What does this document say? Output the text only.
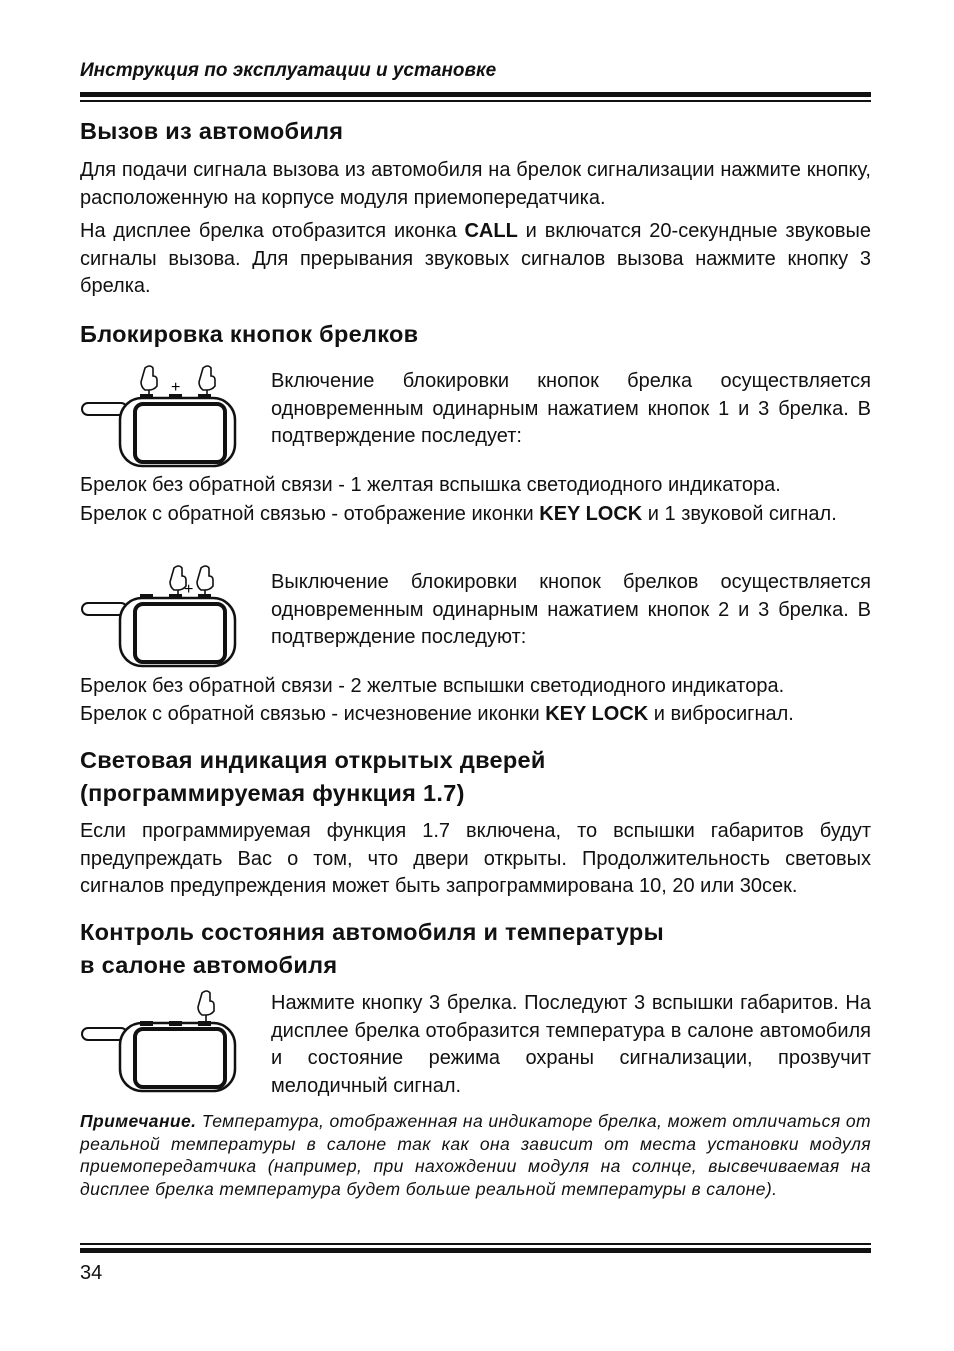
Инструкция по эксплуатации и установке
Вызов из автомобиля
Для подачи сигнала вызова из автомобиля на брелок сигнализации нажмите кнопку, расположенную на корпусе модуля приемопередатчика.
На дисплее брелка отобразится иконка CALL и включатся 20-секундные звуковые сигналы вызова. Для прерывания звуковых сигналов вызова нажмите кнопку 3 брелка.
Блокировка кнопок брелков
+	Включение блокировки кнопок брелка осуществляется одновременным одинарным нажатием кнопок 1 и 3 брелка. В подтверждение последует:
Брелок без обратной связи - 1 желтая вспышка светодиодного индикатора.
Брелок с обратной связью - отображение иконки KEY LOCK и 1 звуковой сигнал.
+	Выключение блокировки кнопок брелков осуществляется одновременным одинарным нажатием кнопок 2 и 3 брелка. В подтверждение последуют:
Брелок без обратной связи - 2 желтые вспышки светодиодного индикатора.
Брелок с обратной связью - исчезновение иконки KEY LOCK и вибросигнал.
Световая индикация открытых дверей
(программируемая функция 1.7)
Если программируемая функция 1.7 включена, то вспышки габаритов будут предупреждать Вас о том, что двери открыты. Продолжительность световых сигналов предупреждения может быть запрограммирована 10, 20 или 30сек.
Контроль состояния автомобиля и температуры
в салоне автомобиля
Нажмите кнопку 3 брелка. Последуют 3 вспышки габаритов. На дисплее брелка отобразится температура в салоне автомобиля и состояние режима охраны сигнализации, прозвучит мелодичный сигнал.
Примечание. Температура, отображенная на индикаторе брелка, может отличаться от реальной температуры в салоне так как она зависит от места установки модуля приемопередатчика (например, при нахождении модуля на солнце, высвечиваемая на дисплее брелка температура будет больше реальной температуры в салоне).
34
